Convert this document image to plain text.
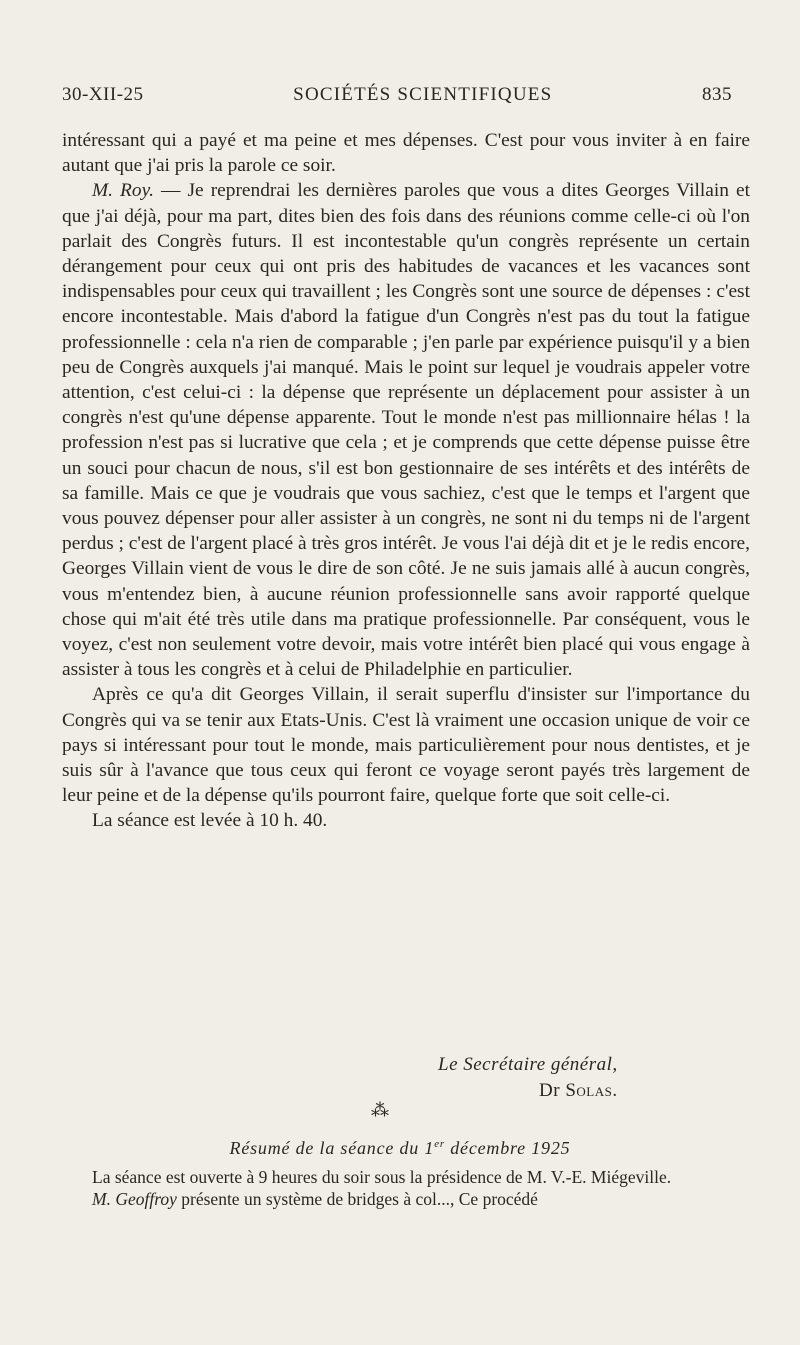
30-XII-25	SOCIÉTÉS SCIENTIFIQUES	835

intéressant qui a payé et ma peine et mes dépenses. C'est pour vous inviter à en faire autant que j'ai pris la parole ce soir.

M. Roy. — Je reprendrai les dernières paroles que vous a dites Georges Villain et que j'ai déjà, pour ma part, dites bien des fois dans des réunions comme celle-ci où l'on parlait des Congrès futurs. Il est incontestable qu'un congrès représente un certain dérangement pour ceux qui ont pris des habitudes de vacances et les vacances sont indispensables pour ceux qui travaillent ; les Congrès sont une source de dépenses : c'est encore incontestable. Mais d'abord la fatigue d'un Congrès n'est pas du tout la fatigue professionnelle : cela n'a rien de comparable ; j'en parle par expérience puisqu'il y a bien peu de Congrès auxquels j'ai manqué. Mais le point sur lequel je voudrais appeler votre attention, c'est celui-ci : la dépense que représente un déplacement pour assister à un congrès n'est qu'une dépense apparente. Tout le monde n'est pas millionnaire hélas ! la profession n'est pas si lucrative que cela ; et je comprends que cette dépense puisse être un souci pour chacun de nous, s'il est bon gestionnaire de ses intérêts et des intérêts de sa famille. Mais ce que je voudrais que vous sachiez, c'est que le temps et l'argent que vous pouvez dépenser pour aller assister à un congrès, ne sont ni du temps ni de l'argent perdus ; c'est de l'argent placé à très gros intérêt. Je vous l'ai déjà dit et je le redis encore, Georges Villain vient de vous le dire de son côté. Je ne suis jamais allé à aucun congrès, vous m'entendez bien, à aucune réunion professionnelle sans avoir rapporté quelque chose qui m'ait été très utile dans ma pratique professionnelle. Par conséquent, vous le voyez, c'est non seulement votre devoir, mais votre intérêt bien placé qui vous engage à assister à tous les congrès et à celui de Philadelphie en particulier.

Après ce qu'a dit Georges Villain, il serait superflu d'insister sur l'importance du Congrès qui va se tenir aux Etats-Unis. C'est là vraiment une occasion unique de voir ce pays si intéressant pour tout le monde, mais particulièrement pour nous dentistes, et je suis sûr à l'avance que tous ceux qui feront ce voyage seront payés très largement de leur peine et de la dépense qu'ils pourront faire, quelque forte que soit celle-ci.

La séance est levée à 10 h. 40.

Le Secrétaire général,
Dr Solas.
⁂
Résumé de la séance du 1er décembre 1925

La séance est ouverte à 9 heures du soir sous la présidence de M. V.-E. Miégeville.

M. Geoffroy présente un système de bridges à col..., Ce procédé
